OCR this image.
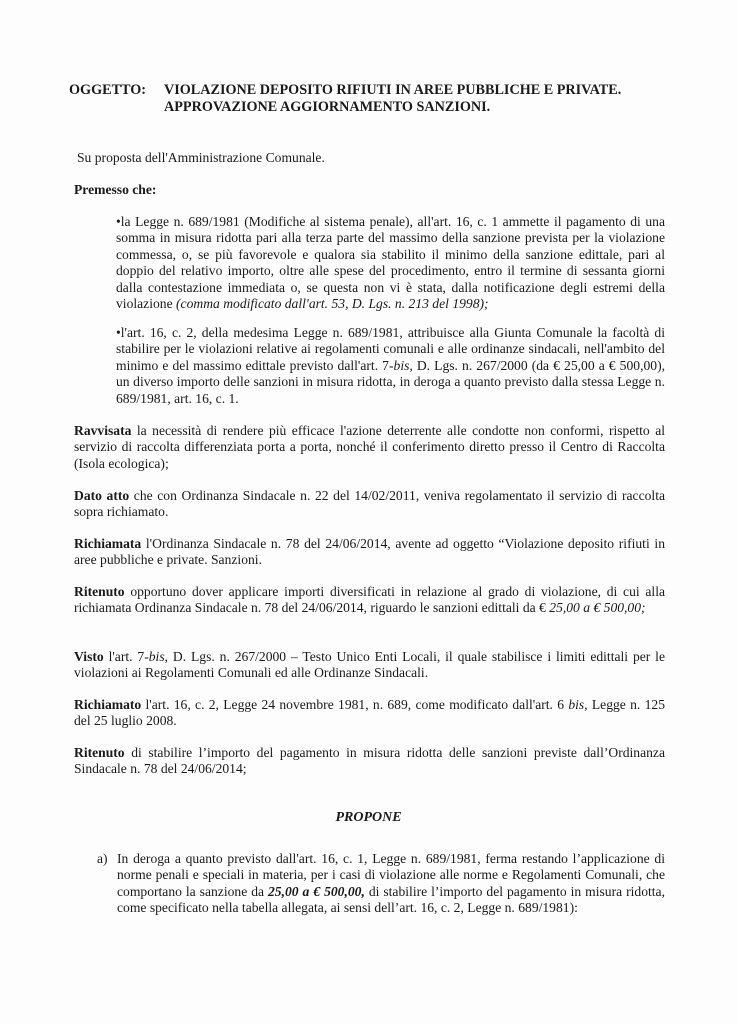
OGGETTO: VIOLAZIONE DEPOSITO RIFIUTI IN AREE PUBBLICHE E PRIVATE.
APPROVAZIONE AGGIORNAMENTO SANZIONI.
Su proposta dell'Amministrazione Comunale.
Premesso che:
•la Legge n. 689/1981 (Modifiche al sistema penale), all'art. 16, c. 1 ammette il pagamento di una somma in misura ridotta pari alla terza parte del massimo della sanzione prevista per la violazione commessa, o, se più favorevole e qualora sia stabilito il minimo della sanzione edittale, pari al doppio del relativo importo, oltre alle spese del procedimento, entro il termine di sessanta giorni dalla contestazione immediata o, se questa non vi è stata, dalla notificazione degli estremi della violazione (comma modificato dall'art. 53, D. Lgs. n. 213 del 1998);
•l'art. 16, c. 2, della medesima Legge n. 689/1981, attribuisce alla Giunta Comunale la facoltà di stabilire per le violazioni relative ai regolamenti comunali e alle ordinanze sindacali, nell'ambito del minimo e del massimo edittale previsto dall'art. 7-bis, D. Lgs. n. 267/2000 (da € 25,00 a € 500,00), un diverso importo delle sanzioni in misura ridotta, in deroga a quanto previsto dalla stessa Legge n. 689/1981, art. 16, c. 1.
Ravvisata la necessità di rendere più efficace l'azione deterrente alle condotte non conformi, rispetto al servizio di raccolta differenziata porta a porta, nonché il conferimento diretto presso il Centro di Raccolta (Isola ecologica);
Dato atto che con Ordinanza Sindacale n. 22 del 14/02/2011, veniva regolamentato il servizio di raccolta sopra richiamato.
Richiamata l'Ordinanza Sindacale n. 78 del 24/06/2014, avente ad oggetto “Violazione deposito rifiuti in aree pubbliche e private. Sanzioni.
Ritenuto opportuno dover applicare importi diversificati in relazione al grado di violazione, di cui alla richiamata Ordinanza Sindacale n. 78 del 24/06/2014, riguardo le sanzioni edittali da € 25,00 a € 500,00;
Visto l'art. 7-bis, D. Lgs. n. 267/2000 – Testo Unico Enti Locali, il quale stabilisce i limiti edittali per le violazioni ai Regolamenti Comunali ed alle Ordinanze Sindacali.
Richiamato l'art. 16, c. 2, Legge 24 novembre 1981, n. 689, come modificato dall'art. 6 bis, Legge n. 125 del 25 luglio 2008.
Ritenuto di stabilire l’importo del pagamento in misura ridotta delle sanzioni previste dall’Ordinanza Sindacale n. 78 del 24/06/2014;
PROPONE
a) In deroga a quanto previsto dall'art. 16, c. 1, Legge n. 689/1981, ferma restando l’applicazione di norme penali e speciali in materia, per i casi di violazione alle norme e Regolamenti Comunali, che comportano la sanzione da 25,00 a € 500,00, di stabilire l’importo del pagamento in misura ridotta, come specificato nella tabella allegata, ai sensi dell’art. 16, c. 2, Legge n. 689/1981):
